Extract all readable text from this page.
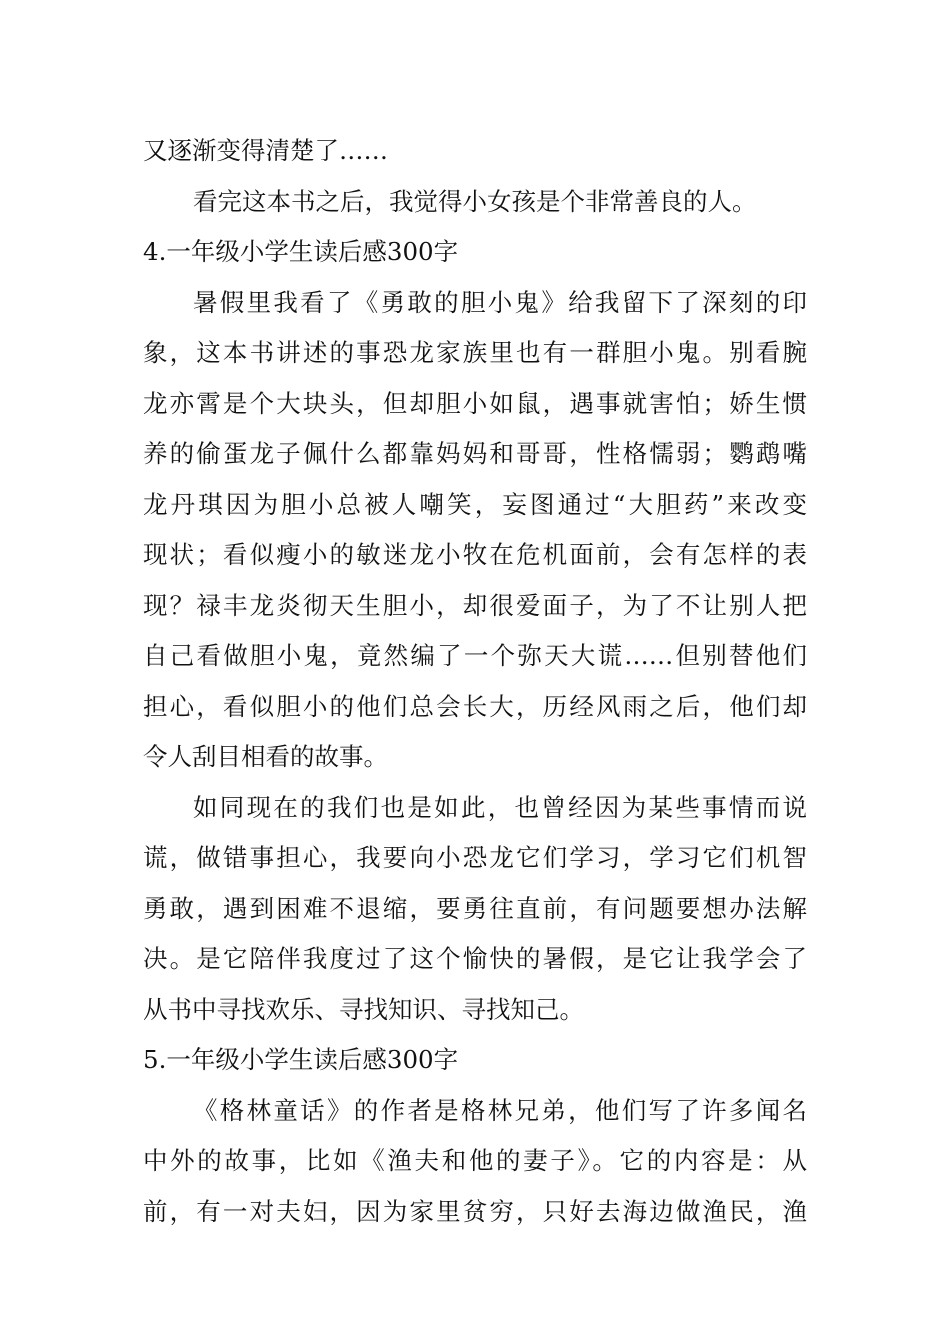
又逐渐变得清楚了……
看完这本书之后，我觉得小女孩是个非常善良的人。
4.一年级小学生读后感300字
暑假里我看了《勇敢的胆小鬼》给我留下了深刻的印
象，这本书讲述的事恐龙家族里也有一群胆小鬼。别看腕
龙亦霄是个大块头，但却胆小如鼠，遇事就害怕；娇生惯
养的偷蛋龙子佩什么都靠妈妈和哥哥，性格懦弱；鹦鹉嘴
龙丹琪因为胆小总被人嘲笑，妄图通过“大胆药”来改变
现状；看似瘦小的敏迷龙小牧在危机面前，会有怎样的表
现？禄丰龙炎彻天生胆小，却很爱面子，为了不让别人把
自己看做胆小鬼，竟然编了一个弥天大谎……但别替他们
担心，看似胆小的他们总会长大，历经风雨之后，他们却
令人刮目相看的故事。
如同现在的我们也是如此，也曾经因为某些事情而说
谎，做错事担心，我要向小恐龙它们学习，学习它们机智
勇敢，遇到困难不退缩，要勇往直前，有问题要想办法解
决。是它陪伴我度过了这个愉快的暑假，是它让我学会了
从书中寻找欢乐、寻找知识、寻找知己。
5.一年级小学生读后感300字
《格林童话》的作者是格林兄弟，他们写了许多闻名
中外的故事，比如《渔夫和他的妻子》。它的内容是：从
前，有一对夫妇，因为家里贫穷，只好去海边做渔民，渔
